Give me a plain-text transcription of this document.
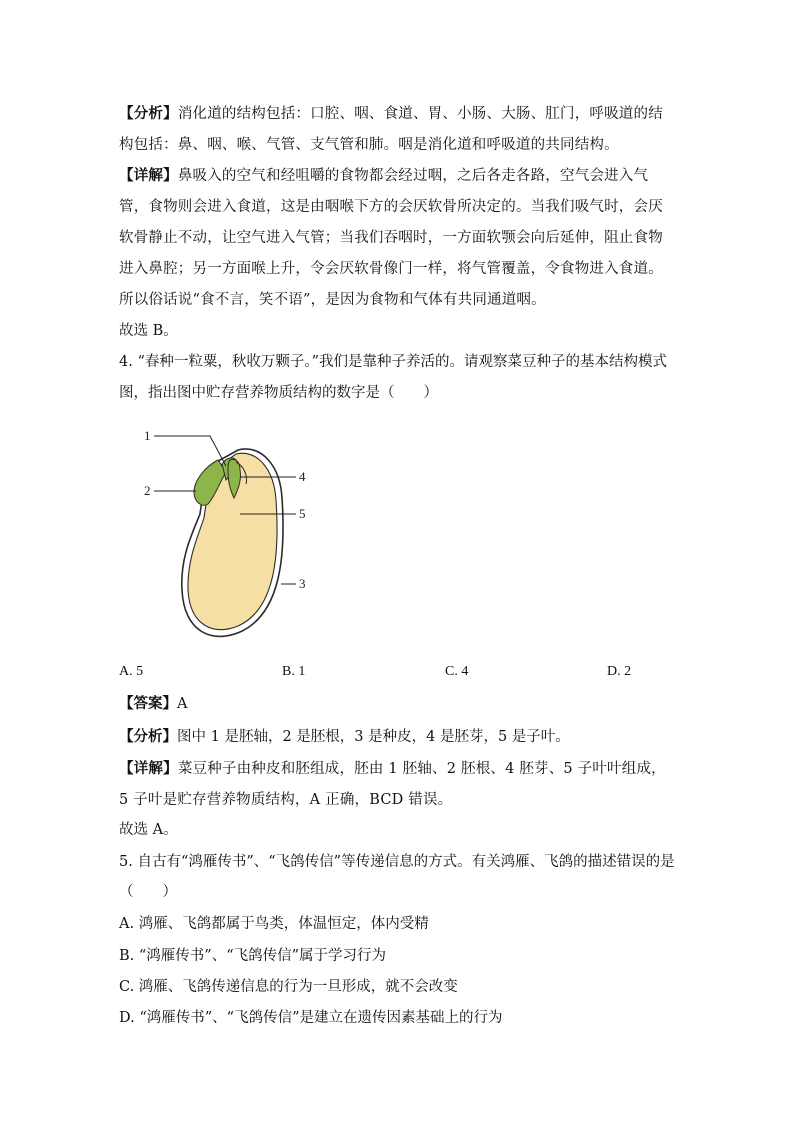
【分析】消化道的结构包括：口腔、咽、食道、胃、小肠、大肠、肛门，呼吸道的结构包括：鼻、咽、喉、气管、支气管和肺。咽是消化道和呼吸道的共同结构。

【详解】鼻吸入的空气和经咀嚼的食物都会经过咽，之后各走各路，空气会进入气管，食物则会进入食道，这是由咽喉下方的会厌软骨所决定的。当我们吸气时，会厌软骨静止不动，让空气进入气管；当我们吞咽时，一方面软颚会向后延伸，阻止食物进入鼻腔；另一方面喉上升，令会厌软骨像门一样，将气管覆盖，令食物进入食道。所以俗话说“食不言，笑不语”，是因为食物和气体有共同通道咽。

故选 B。

4. “春种一粒粟，秋收万颗子。”我们是靠种子养活的。请观察菜豆种子的基本结构模式

图，指出图中贮存营养物质结构的数字是（　　）

1
2
3
4
5
A. 5	B. 1	C. 4	D. 2

【答案】A

【分析】图中 1 是胚轴，2 是胚根，3 是种皮，4 是胚芽，5 是子叶。

【详解】菜豆种子由种皮和胚组成，胚由 1 胚轴、2 胚根、4 胚芽、5 子叶叶组成，5 子叶是贮存营养物质结构，A 正确，BCD 错误。

故选 A。

5. 自古有“鸿雁传书”、“飞鸽传信”等传递信息的方式。有关鸿雁、飞鸽的描述错误的是

（　　）

A. 鸿雁、飞鸽都属于鸟类，体温恒定，体内受精

B. “鸿雁传书”、“飞鸽传信”属于学习行为

C. 鸿雁、飞鸽传递信息的行为一旦形成，就不会改变

D. “鸿雁传书”、“飞鸽传信”是建立在遗传因素基础上的行为
